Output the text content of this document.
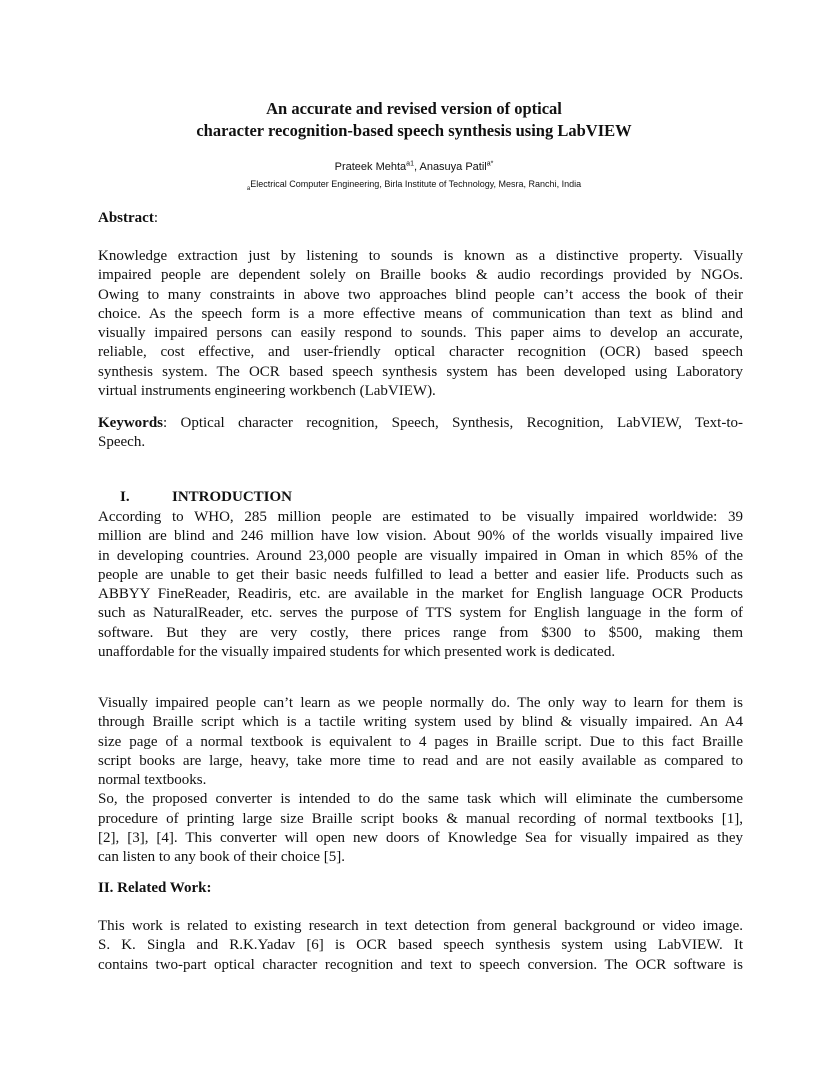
An accurate and revised version of optical
character recognition-based speech synthesis using LabVIEW
Prateek Mehta$^{a1}$, Anasuya Patil$^{a*}$
$_a$Electrical Computer Engineering, Birla Institute of Technology, Mesra, Ranchi, India
Abstract:
Knowledge extraction just by listening to sounds is known as a distinctive property. Visually
impaired people are dependent solely on Braille books & audio recordings provided by NGOs.
Owing to many constraints in above two approaches blind people can’t access the book of their
choice. As the speech form is a more effective means of communication than text as blind and
visually impaired persons can easily respond to sounds. This paper aims to develop an accurate,
reliable, cost effective, and user-friendly optical character recognition (OCR) based speech
synthesis system. The OCR based speech synthesis system has been developed using Laboratory
virtual instruments engineering workbench (LabVIEW).
Keywords: Optical character recognition, Speech, Synthesis, Recognition, LabVIEW, Text-to-
Speech.
I.	INTRODUCTION
According to WHO, 285 million people are estimated to be visually impaired worldwide: 39
million are blind and 246 million have low vision. About 90% of the worlds visually impaired live
in developing countries. Around 23,000 people are visually impaired in Oman in which 85% of the
people are unable to get their basic needs fulfilled to lead a better and easier life. Products such as
ABBYY FineReader, Readiris, etc. are available in the market for English language OCR Products
such as NaturalReader, etc. serves the purpose of TTS system for English language in the form of
software. But they are very costly, there prices range from $300 to $500, making them
unaffordable for the visually impaired students for which presented work is dedicated.
Visually impaired people can’t learn as we people normally do. The only way to learn for them is
through Braille script which is a tactile writing system used by blind & visually impaired. An A4
size page of a normal textbook is equivalent to 4 pages in Braille script. Due to this fact Braille
script books are large, heavy, take more time to read and are not easily available as compared to
normal textbooks.
So, the proposed converter is intended to do the same task which will eliminate the cumbersome
procedure of printing large size Braille script books & manual recording of normal textbooks [1],
[2], [3], [4]. This converter will open new doors of Knowledge Sea for visually impaired as they
can listen to any book of their choice [5].
II. Related Work:
This work is related to existing research in text detection from general background or video image.
S. K. Singla and R.K.Yadav [6] is OCR based speech synthesis system using LabVIEW. It
contains two-part optical character recognition and text to speech conversion. The OCR software is
